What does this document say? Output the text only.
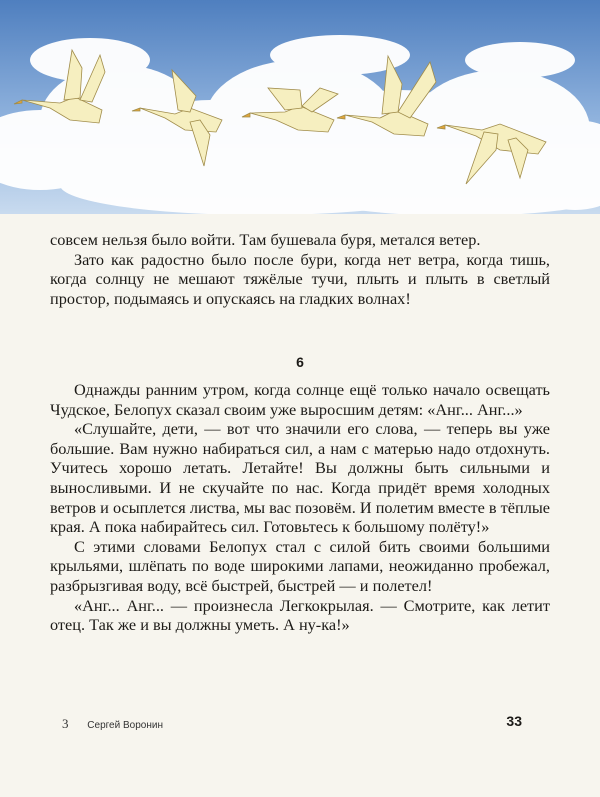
совсем нельзя было войти. Там бушевала буря, метался ветер.

Зато как радостно было после бури, когда нет ветра, когда тишь, когда солнцу не мешают тяжёлые тучи, плыть и плыть в светлый простор, подымаясь и опускаясь на гладких волнах!

6

Однажды ранним утром, когда солнце ещё только начало освещать Чудское, Белопух сказал своим уже выросшим детям: «Анг... Анг...»

«Слушайте, дети, — вот что значили его слова, — теперь вы уже большие. Вам нужно набираться сил, а нам с матерью надо отдохнуть. Учитесь хорошо летать. Летайте! Вы должны быть сильными и выносливыми. И не скучайте по нас. Когда придёт время холодных ветров и осыплется листва, мы вас позовём. И полетим вместе в тёплые края. А пока набирайтесь сил. Готовьтесь к большому полёту!»

С этими словами Белопух стал с силой бить своими большими крыльями, шлёпать по воде широкими лапами, неожиданно пробежал, разбрызгивая воду, всё быстрей, быстрей — и полетел!

«Анг... Анг... — произнесла Легкокрылая. — Смотрите, как летит отец. Так же и вы должны уметь. А ну-ка!»

3 Сергей Воронин	33
